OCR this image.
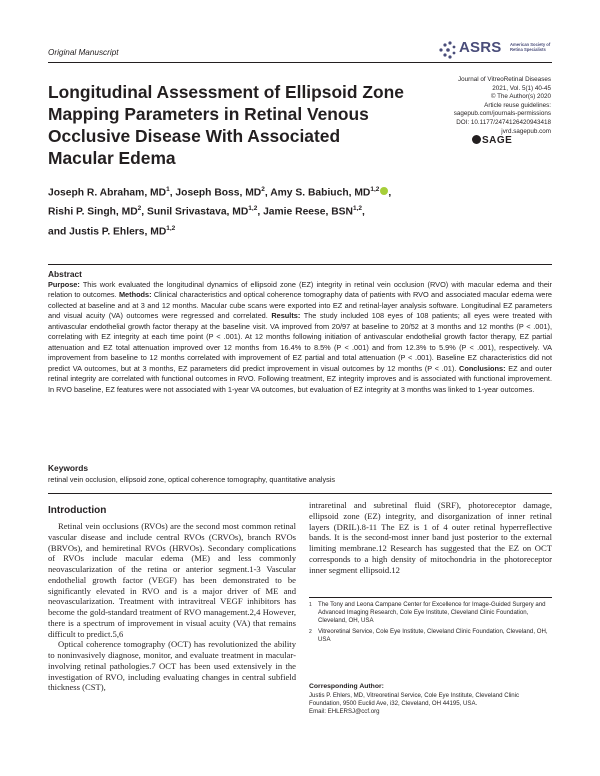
Original Manuscript	ASRS American Society of Retina Specialists
Journal of VitreoRetinal Diseases
2021, Vol. 5(1) 40-45
© The Author(s) 2020
Article reuse guidelines:
sagepub.com/journals-permissions
DOI: 10.1177/2474126420943418
jvrd.sagepub.com
SAGE
Longitudinal Assessment of Ellipsoid Zone Mapping Parameters in Retinal Venous Occlusive Disease With Associated Macular Edema
Joseph R. Abraham, $MD^1$, Joseph Boss, $MD^2$, Amy S. Babiuch, MD$^{1,2}$ ,
Rishi P. Singh, $MD^2$, Sunil Srivastava, MD$^{1,2}$, Jamie Reese, BSN$^{1,2}$,
and Justis P. Ehlers, MD$^{1,2}$
Abstract
Purpose: This work evaluated the longitudinal dynamics of ellipsoid zone (EZ) integrity in retinal vein occlusion (RVO) with macular edema and their relation to outcomes. Methods: Clinical characteristics and optical coherence tomography data of patients with RVO and associated macular edema were collected at baseline and at 3 and 12 months. Macular cube scans were exported into EZ and retinal-layer analysis software. Longitudinal EZ parameters and visual acuity (VA) outcomes were regressed and correlated. Results: The study included 108 eyes of 108 patients; all eyes were treated with antivascular endothelial growth factor therapy at the baseline visit. VA improved from 20/97 at baseline to 20/52 at 3 months and 12 months (P < .001), correlating with EZ integrity at each time point (P < .001). At 12 months following initiation of antivascular endothelial growth factor therapy, EZ partial attenuation and EZ total attenuation improved over 12 months from 16.4% to 8.5% (P < .001) and from 12.3% to 5.9% (P < .001), respectively. VA improvement from baseline to 12 months correlated with improvement of EZ partial and total attenuation (P < .001). Baseline EZ characteristics did not predict VA outcomes, but at 3 months, EZ parameters did predict improvement in visual outcomes by 12 months (P < .01). Conclusions: EZ and outer retinal integrity are correlated with functional outcomes in RVO. Following treatment, EZ integrity improves and is associated with functional improvement. In RVO baseline, EZ features were not associated with 1-year VA outcomes, but evaluation of EZ integrity at 3 months was linked to 1-year outcomes.
Keywords
retinal vein occlusion, ellipsoid zone, optical coherence tomography, quantitative analysis
Introduction

Retinal vein occlusions (RVOs) are the second most common retinal vascular disease and include central RVOs (CRVOs), branch RVOs (BRVOs), and hemiretinal RVOs (HRVOs). Secondary complications of RVOs include macular edema (ME) and less commonly neovascularization of the retina or anterior segment.1-3 Vascular endothelial growth factor (VEGF) has been demonstrated to be significantly elevated in RVO and is a major driver of ME and neovascularization. Treatment with intravitreal VEGF inhibitors has become the gold-standard treatment of RVO management.2,4 However, there is a spectrum of improvement in visual acuity (VA) that remains difficult to predict.5,6

Optical coherence tomography (OCT) has revolutionized the ability to noninvasively diagnose, monitor, and evaluate treatment in macular-involving retinal pathologies.7 OCT has been used extensively in the investigation of RVO, including evaluating changes in central subfield thickness (CST),

intraretinal and subretinal fluid (SRF), photoreceptor damage, ellipsoid zone (EZ) integrity, and disorganization of inner retinal layers (DRIL).8-11 The EZ is 1 of 4 outer retinal hyperreflective bands. It is the second-most inner band just posterior to the external limiting membrane.12 Research has suggested that the EZ on OCT corresponds to a high density of mitochondria in the photoreceptor inner segment ellipsoid.12

1	The Tony and Leona Campane Center for Excellence for Image-Guided Surgery and Advanced Imaging Research, Cole Eye Institute, Cleveland Clinic Foundation, Cleveland, OH, USA
2	Vitreoretinal Service, Cole Eye Institute, Cleveland Clinic Foundation, Cleveland, OH, USA
Corresponding Author:
Justis P. Ehlers, MD, Vitreoretinal Service, Cole Eye Institute, Cleveland Clinic Foundation, 9500 Euclid Ave, i32, Cleveland, OH 44195, USA.
Email: EHLERSJ@ccf.org
